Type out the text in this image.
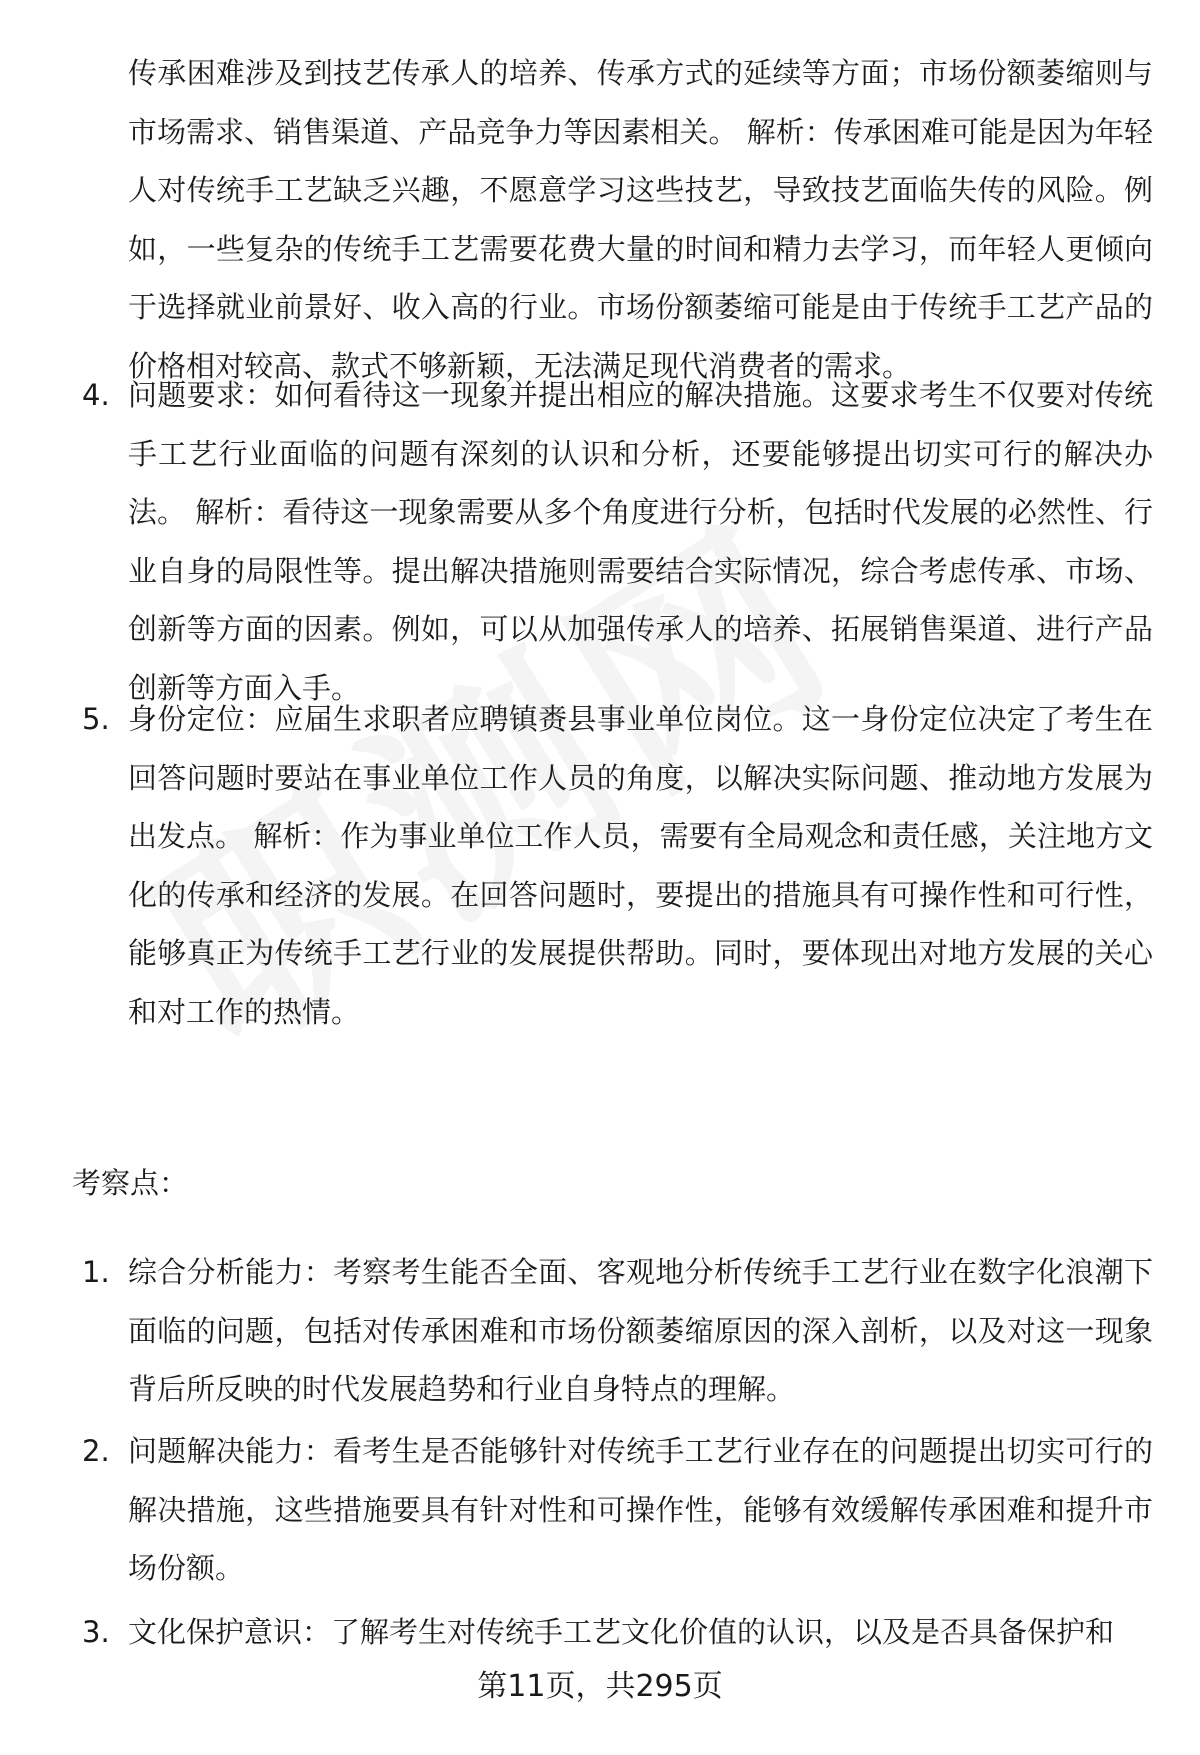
传承困难涉及到技艺传承人的培养、传承方式的延续等方面；市场份额萎缩则与市场需求、销售渠道、产品竞争力等因素相关。 解析：传承困难可能是因为年轻人对传统手工艺缺乏兴趣，不愿意学习这些技艺，导致技艺面临失传的风险。例如，一些复杂的传统手工艺需要花费大量的时间和精力去学习，而年轻人更倾向于选择就业前景好、收入高的行业。市场份额萎缩可能是由于传统手工艺产品的价格相对较高、款式不够新颖，无法满足现代消费者的需求。
4. 问题要求：如何看待这一现象并提出相应的解决措施。这要求考生不仅要对传统手工艺行业面临的问题有深刻的认识和分析，还要能够提出切实可行的解决办法。 解析：看待这一现象需要从多个角度进行分析，包括时代发展的必然性、行业自身的局限性等。提出解决措施则需要结合实际情况，综合考虑传承、市场、创新等方面的因素。例如，可以从加强传承人的培养、拓展销售渠道、进行产品创新等方面入手。
5. 身份定位：应届生求职者应聘镇赉县事业单位岗位。这一身份定位决定了考生在回答问题时要站在事业单位工作人员的角度，以解决实际问题、推动地方发展为出发点。 解析：作为事业单位工作人员，需要有全局观念和责任感，关注地方文化的传承和经济的发展。在回答问题时，要提出的措施具有可操作性和可行性，能够真正为传统手工艺行业的发展提供帮助。同时，要体现出对地方发展的关心和对工作的热情。
考察点：
1. 综合分析能力：考察考生能否全面、客观地分析传统手工艺行业在数字化浪潮下面临的问题，包括对传承困难和市场份额萎缩原因的深入剖析，以及对这一现象背后所反映的时代发展趋势和行业自身特点的理解。
2. 问题解决能力：看考生是否能够针对传统手工艺行业存在的问题提出切实可行的解决措施，这些措施要具有针对性和可操作性，能够有效缓解传承困难和提升市场份额。
3. 文化保护意识：了解考生对传统手工艺文化价值的认识，以及是否具备保护和
第11页，共295页
